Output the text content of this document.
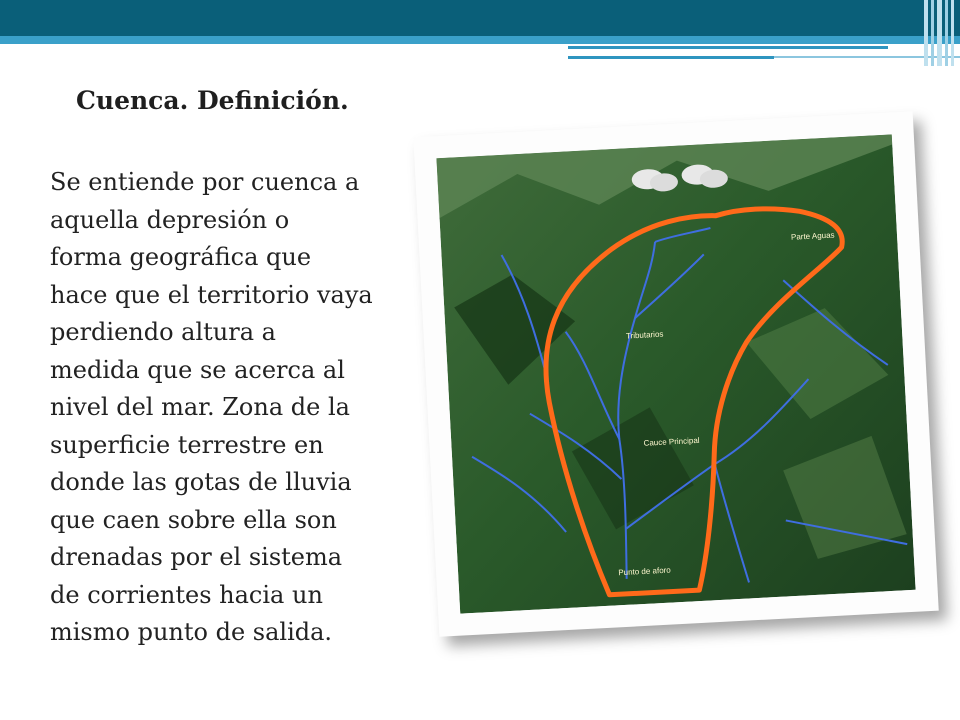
Cuenca. Definición.

Se entiende por cuenca a
aquella depresión o
forma geográfica que
hace que el territorio vaya
perdiendo altura a
medida que se acerca al
nivel del mar. Zona de la
superficie terrestre en
donde las gotas de lluvia
que caen sobre ella son
drenadas por el sistema
de corrientes hacia un
mismo punto de salida.

Parte Aguas
Tributarios
Cauce Principal
Punto de aforo
